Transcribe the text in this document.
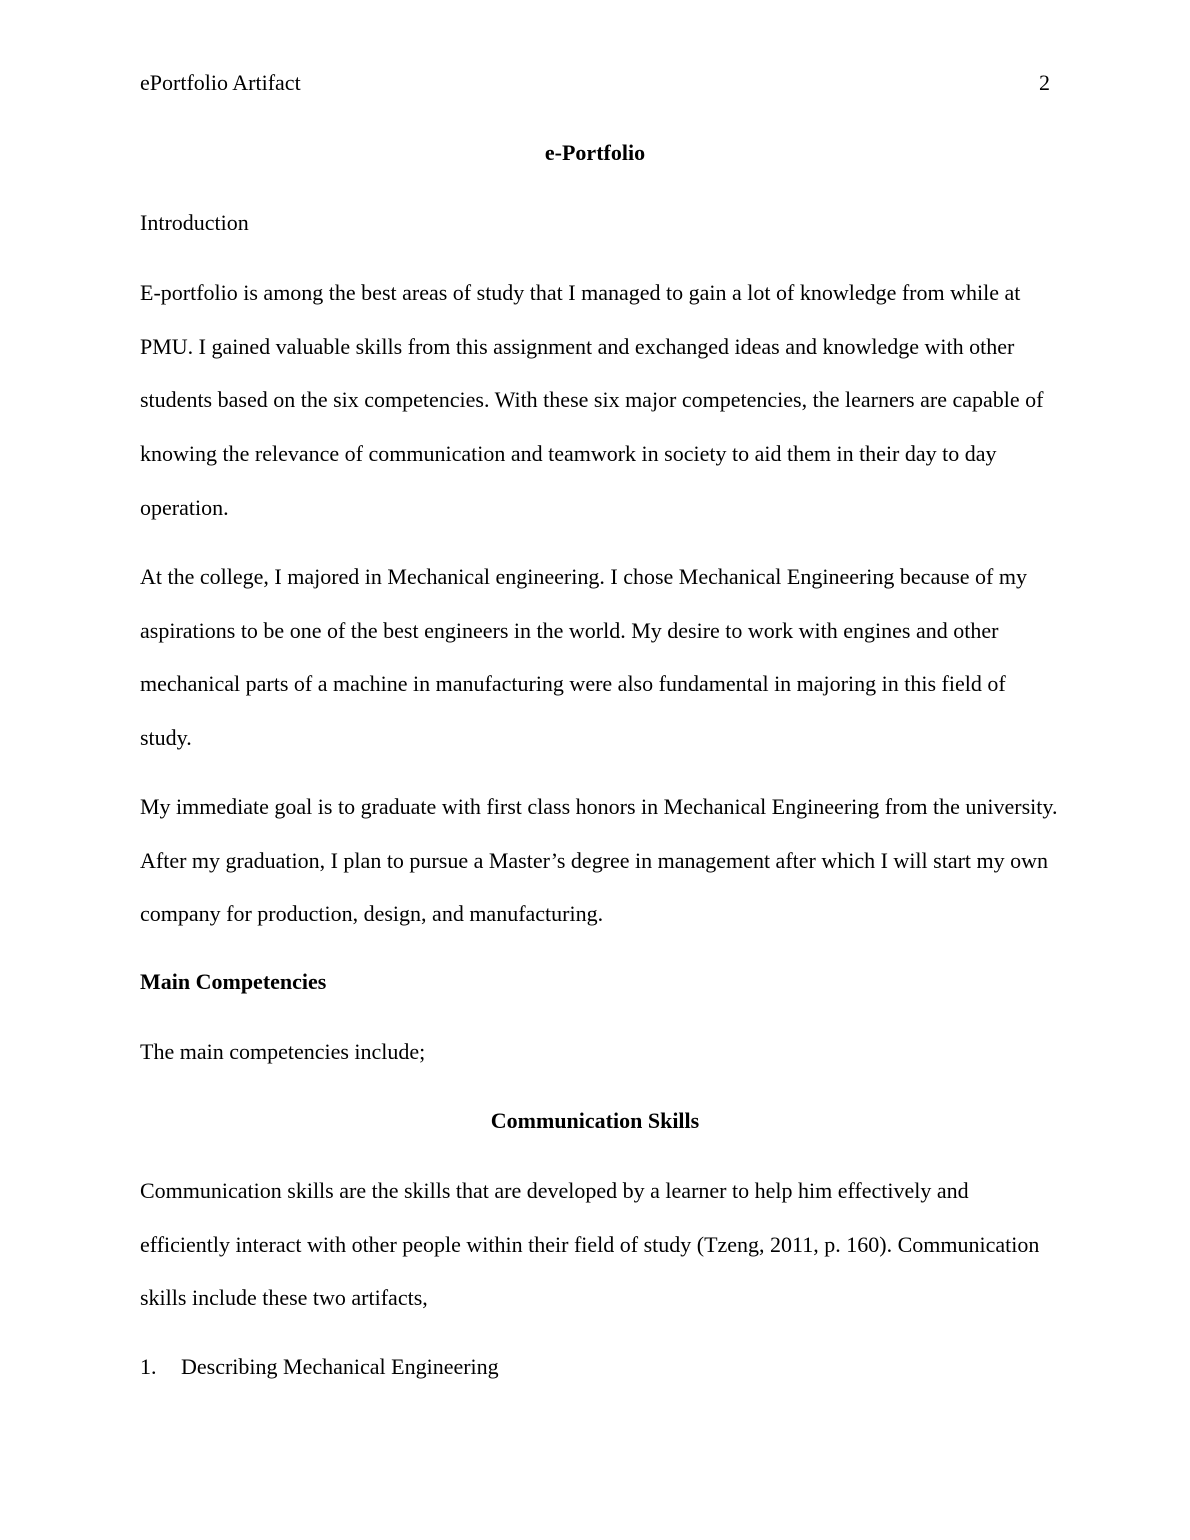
ePortfolio Artifact	2
e-Portfolio
Introduction

E-portfolio is among the best areas of study that I managed to gain a lot of knowledge from while at PMU. I gained valuable skills from this assignment and exchanged ideas and knowledge with other students based on the six competencies. With these six major competencies, the learners are capable of knowing the relevance of communication and teamwork in society to aid them in their day to day operation.

At the college, I majored in Mechanical engineering. I chose Mechanical Engineering because of my aspirations to be one of the best engineers in the world. My desire to work with engines and other mechanical parts of a machine in manufacturing were also fundamental in majoring in this field of study.

My immediate goal is to graduate with first class honors in Mechanical Engineering from the university. After my graduation, I plan to pursue a Master’s degree in management after which I will start my own company for production, design, and manufacturing.

Main Competencies
The main competencies include;
Communication Skills

Communication skills are the skills that are developed by a learner to help him effectively and efficiently interact with other people within their field of study (Tzeng, 2011, p. 160). Communication skills include these two artifacts,

1. Describing Mechanical Engineering
